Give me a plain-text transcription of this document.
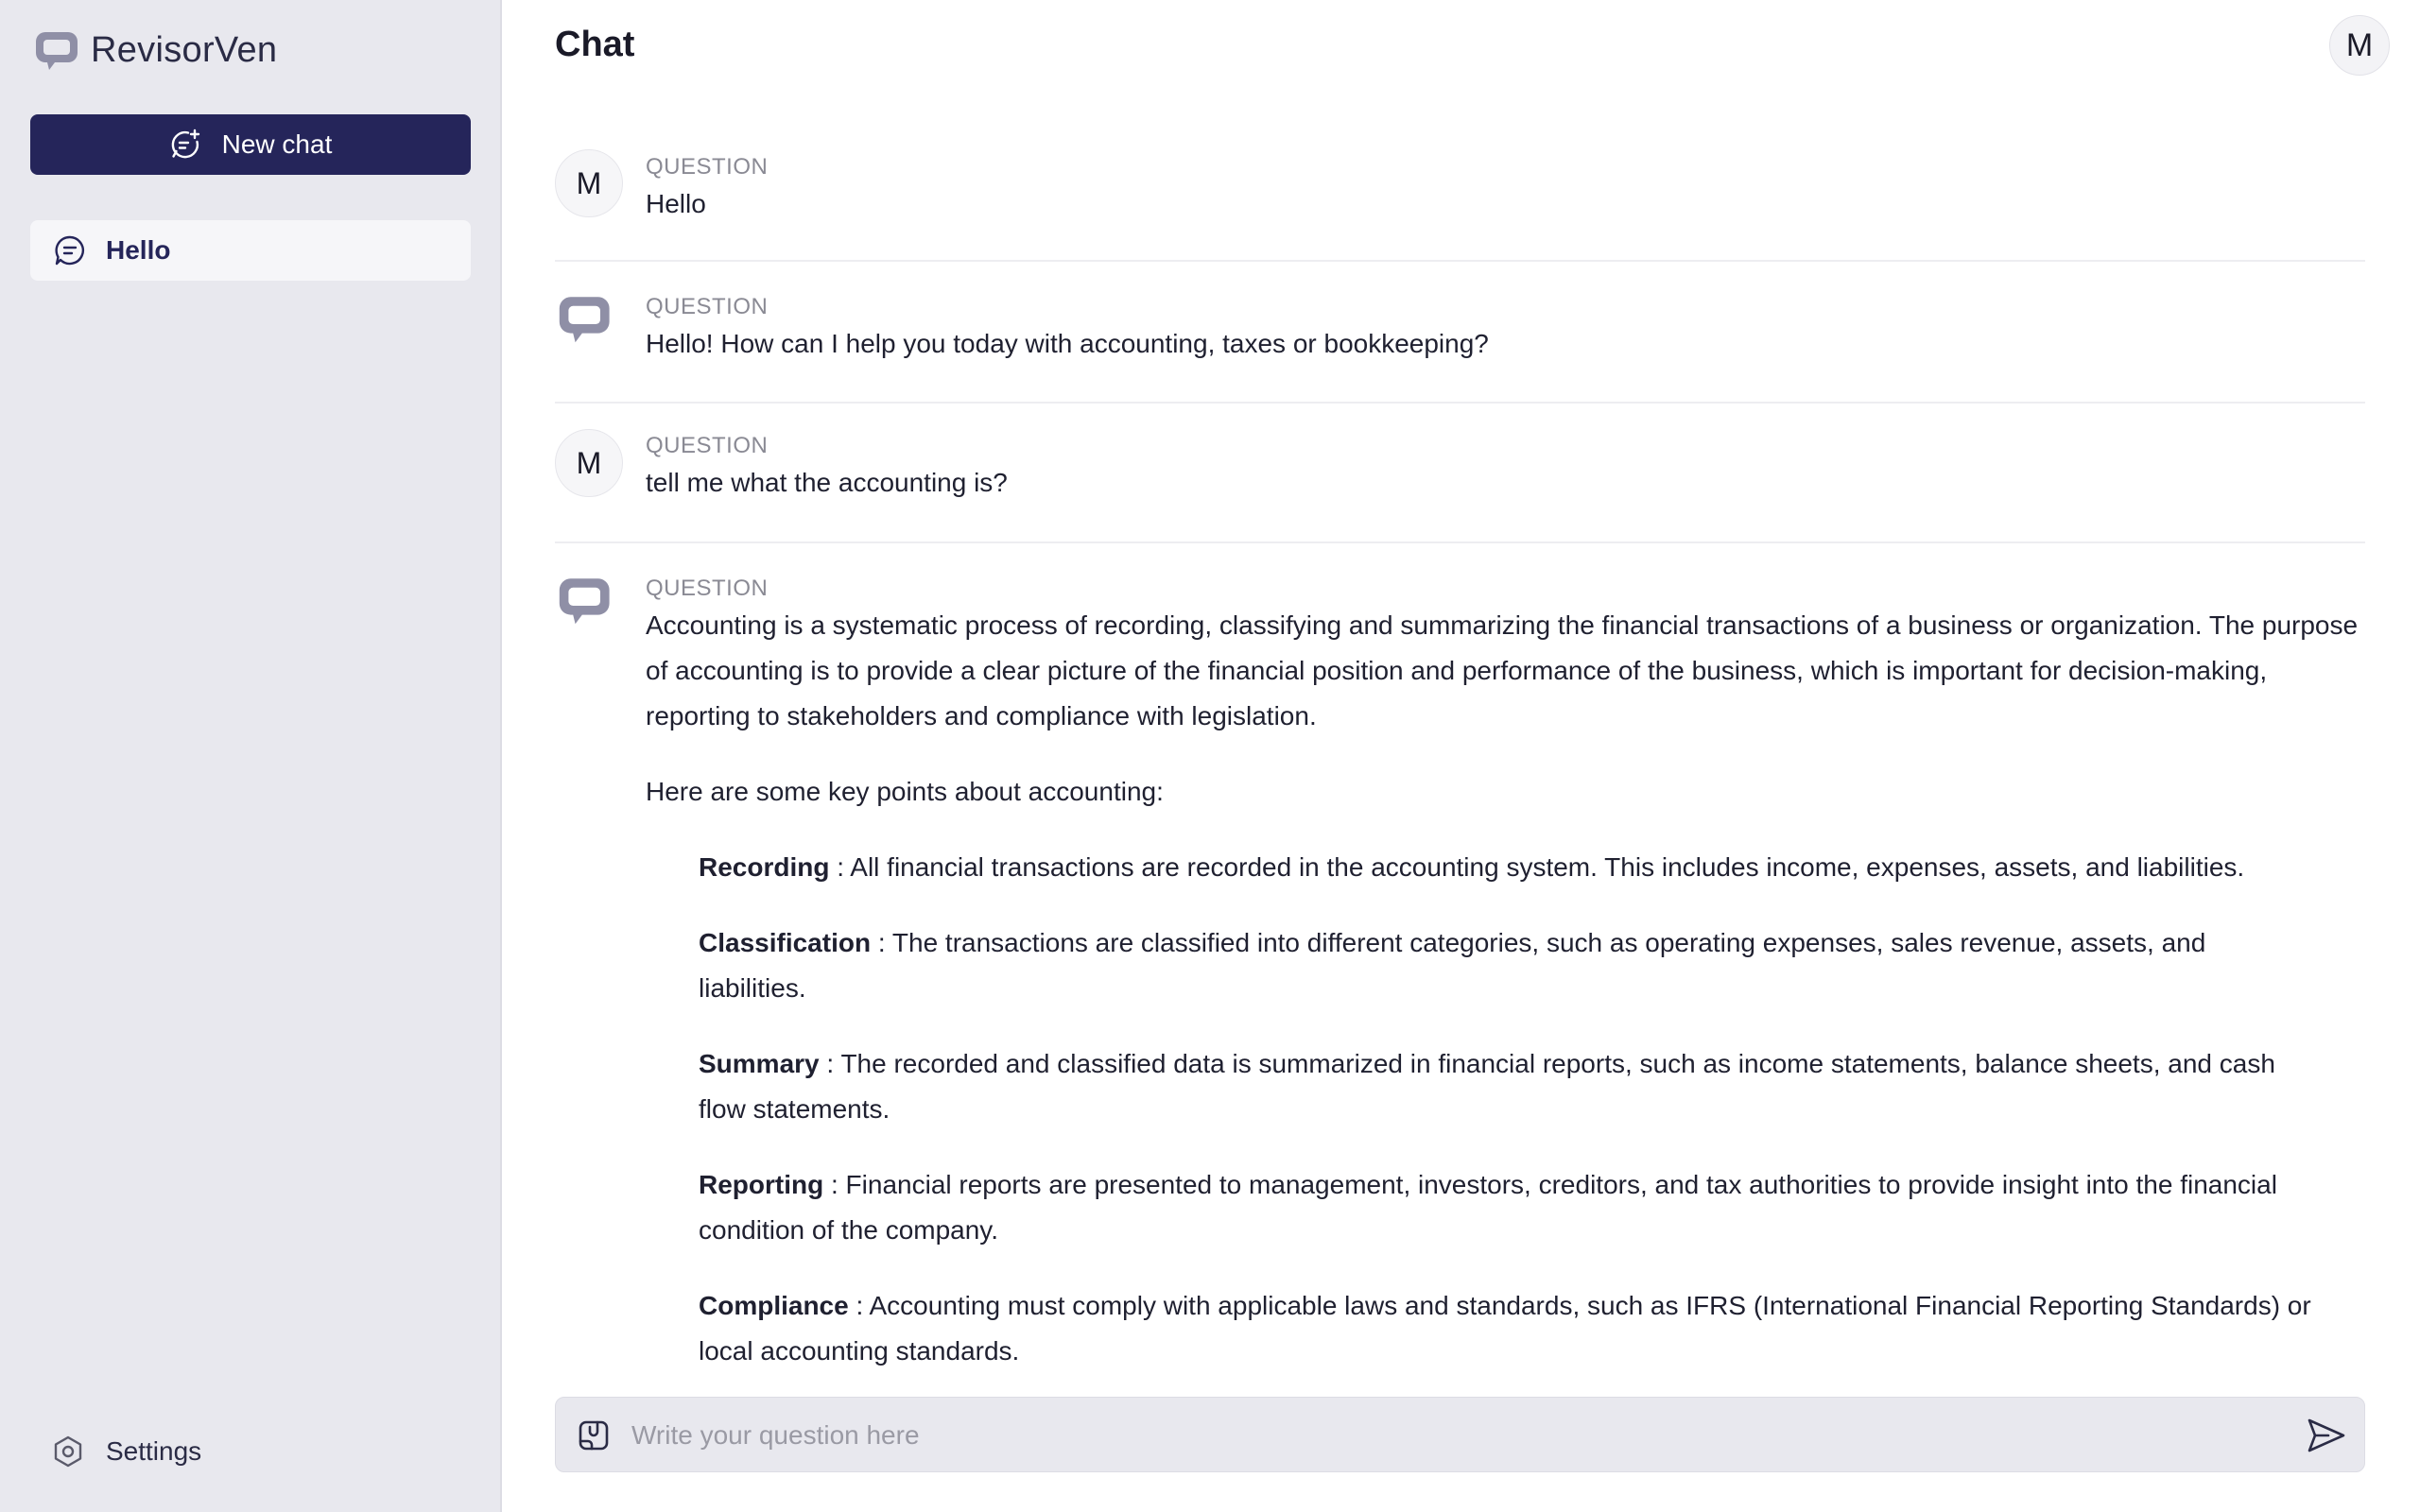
RevisorVen
New chat
Hello
Settings
Chat	M
M	QUESTION
Hello
QUESTION
Hello! How can I help you today with accounting, taxes or bookkeeping?
M	QUESTION
tell me what the accounting is?
QUESTION
Accounting is a systematic process of recording, classifying and summarizing the financial transactions of a business or organization. The purpose of accounting is to provide a clear picture of the financial position and performance of the business, which is important for decision-making, reporting to stakeholders and compliance with legislation.
Here are some key points about accounting:
Recording : All financial transactions are recorded in the accounting system. This includes income, expenses, assets, and liabilities.
Classification : The transactions are classified into different categories, such as operating expenses, sales revenue, assets, and liabilities.
Summary : The recorded and classified data is summarized in financial reports, such as income statements, balance sheets, and cash flow statements.
Reporting : Financial reports are presented to management, investors, creditors, and tax authorities to provide insight into the financial condition of the company.
Compliance : Accounting must comply with applicable laws and standards, such as IFRS (International Financial Reporting Standards) or local accounting standards.
Write your question here
